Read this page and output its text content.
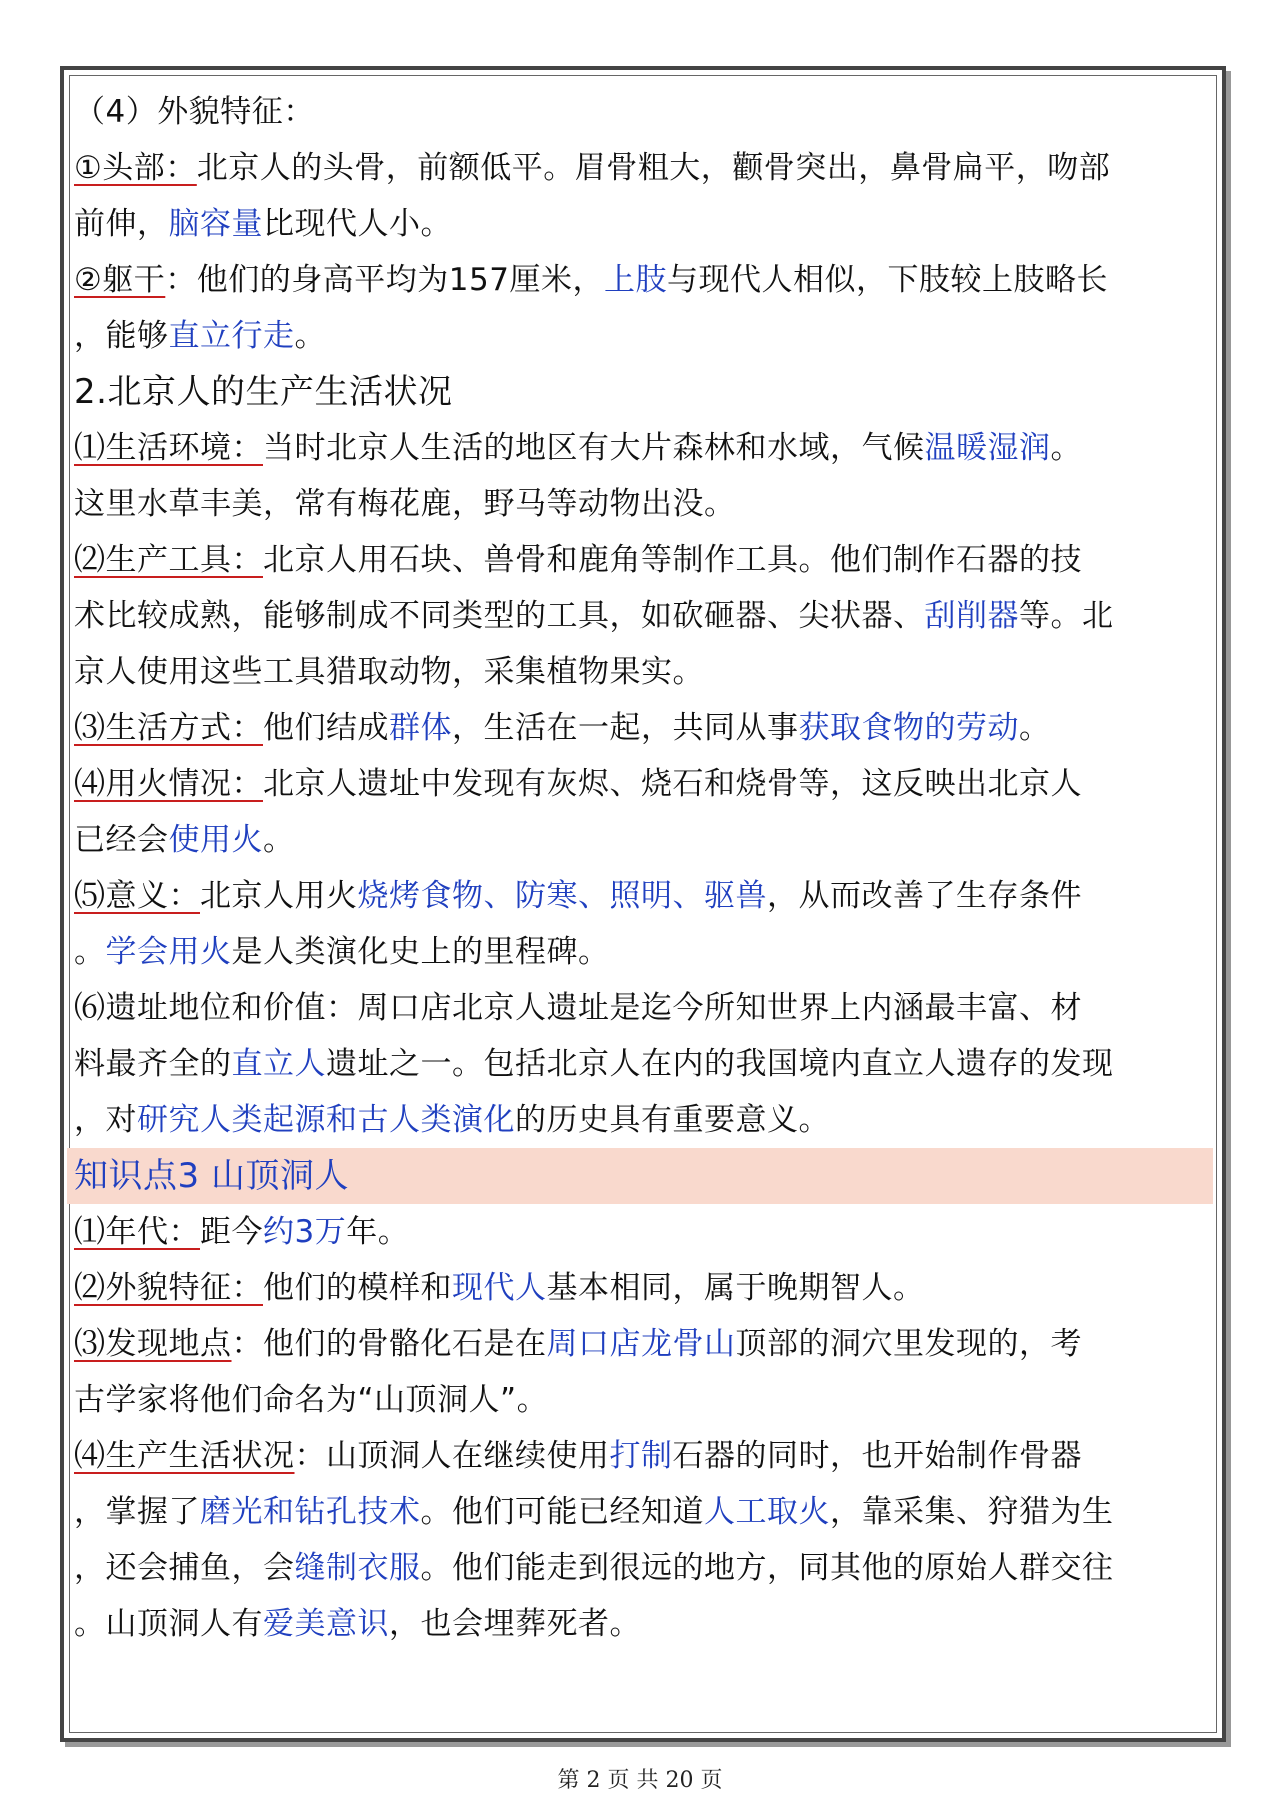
（4）外貌特征：
①头部：北京人的头骨，前额低平。眉骨粗大，颧骨突出，鼻骨扁平，吻部
前伸，脑容量比现代人小。
②躯干：他们的身高平均为157厘米，上肢与现代人相似，下肢较上肢略长
，能够直立行走。
2.北京人的生产生活状况
⑴生活环境：当时北京人生活的地区有大片森林和水域，气候温暖湿润。
这里水草丰美，常有梅花鹿，野马等动物出没。
⑵生产工具：北京人用石块、兽骨和鹿角等制作工具。他们制作石器的技
术比较成熟，能够制成不同类型的工具，如砍砸器、尖状器、刮削器等。北
京人使用这些工具猎取动物，采集植物果实。
⑶生活方式：他们结成群体，生活在一起，共同从事获取食物的劳动。
⑷用火情况：北京人遗址中发现有灰烬、烧石和烧骨等，这反映出北京人
已经会使用火。
⑸意义：北京人用火烧烤食物、防寒、照明、驱兽，从而改善了生存条件
。学会用火是人类演化史上的里程碑。
⑹遗址地位和价值：周口店北京人遗址是迄今所知世界上内涵最丰富、材
料最齐全的直立人遗址之一。包括北京人在内的我国境内直立人遗存的发现
，对研究人类起源和古人类演化的历史具有重要意义。
知识点3 山顶洞人
⑴年代：距今约3万年。
⑵外貌特征：他们的模样和现代人基本相同，属于晚期智人。
⑶发现地点：他们的骨骼化石是在周口店龙骨山顶部的洞穴里发现的，考
古学家将他们命名为“山顶洞人”。
⑷生产生活状况：山顶洞人在继续使用打制石器的同时，也开始制作骨器
，掌握了磨光和钻孔技术。他们可能已经知道人工取火，靠采集、狩猎为生
，还会捕鱼，会缝制衣服。他们能走到很远的地方，同其他的原始人群交往
。山顶洞人有爱美意识，也会埋葬死者。
第 2 页 共 20 页
